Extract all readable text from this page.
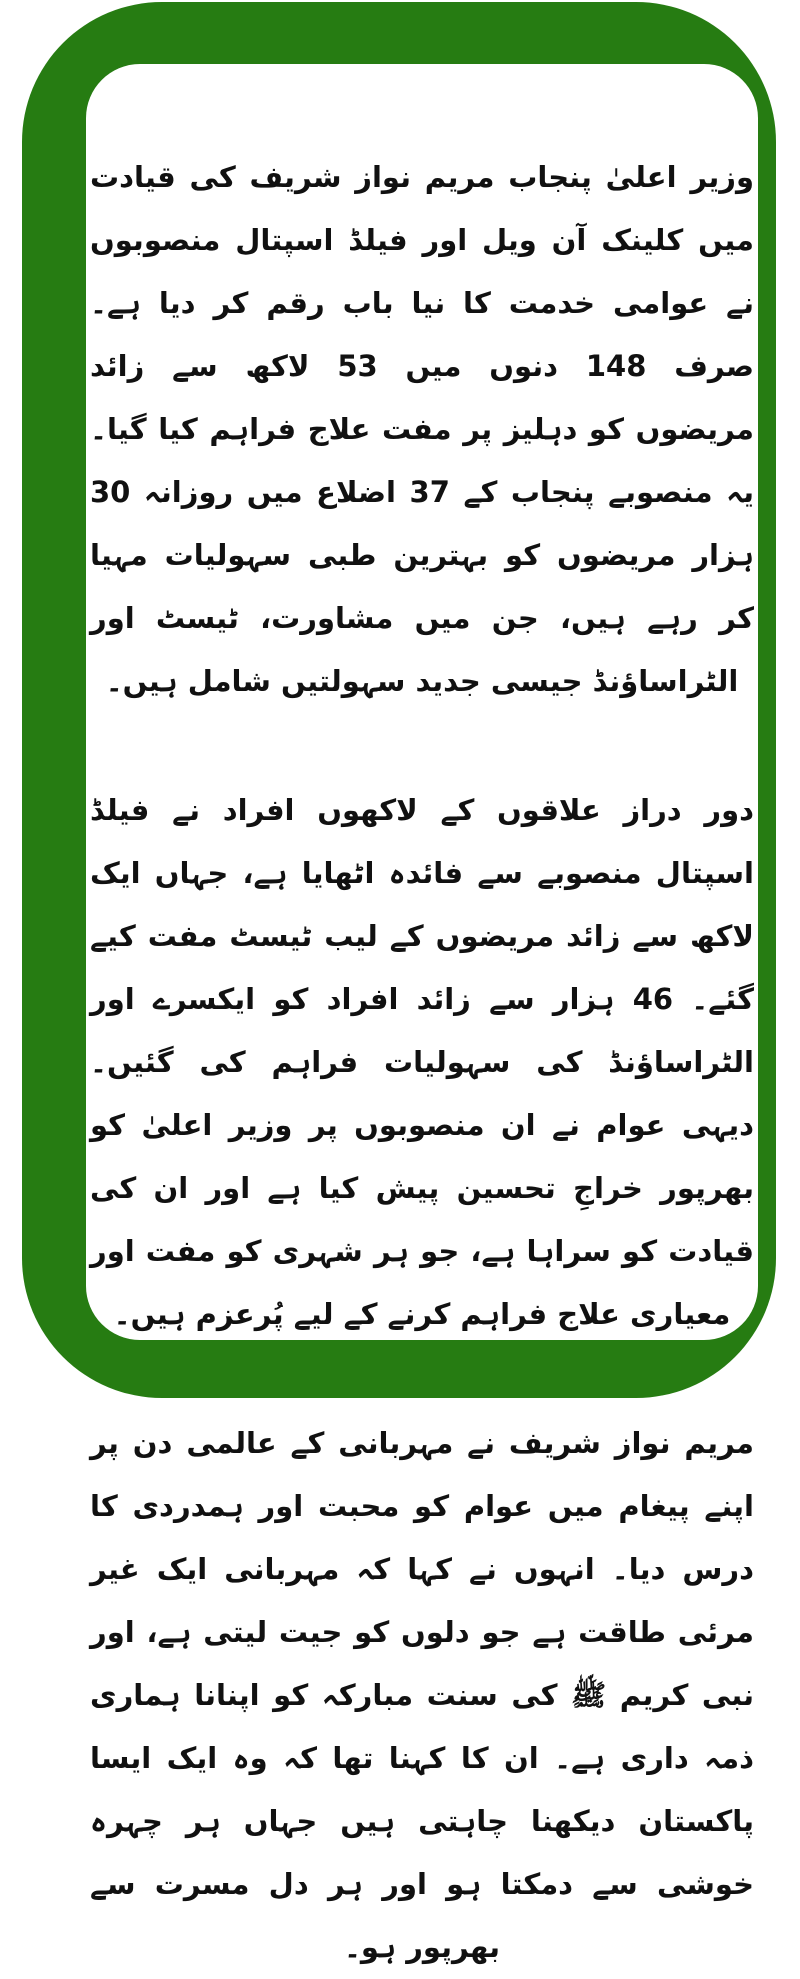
وزیر اعلیٰ پنجاب مریم نواز شریف کی قیادت میں کلینک آن ویل اور فیلڈ اسپتال منصوبوں نے عوامی خدمت کا نیا باب رقم کر دیا ہے۔ صرف 148 دنوں میں 53 لاکھ سے زائد مریضوں کو دہلیز پر مفت علاج فراہم کیا گیا۔ یہ منصوبے پنجاب کے 37 اضلاع میں روزانہ 30 ہزار مریضوں کو بہترین طبی سہولیات مہیا کر رہے ہیں، جن میں مشاورت، ٹیسٹ اور الٹراساؤنڈ جیسی جدید سہولتیں شامل ہیں۔

دور دراز علاقوں کے لاکھوں افراد نے فیلڈ اسپتال منصوبے سے فائدہ اٹھایا ہے، جہاں ایک لاکھ سے زائد مریضوں کے لیب ٹیسٹ مفت کیے گئے۔ 46 ہزار سے زائد افراد کو ایکسرے اور الٹراساؤنڈ کی سہولیات فراہم کی گئیں۔ دیہی عوام نے ان منصوبوں پر وزیر اعلیٰ کو بھرپور خراجِ تحسین پیش کیا ہے اور ان کی قیادت کو سراہا ہے، جو ہر شہری کو مفت اور معیاری علاج فراہم کرنے کے لیے پُرعزم ہیں۔

مریم نواز شریف نے مہربانی کے عالمی دن پر اپنے پیغام میں عوام کو محبت اور ہمدردی کا درس دیا۔ انہوں نے کہا کہ مہربانی ایک غیر مرئی طاقت ہے جو دلوں کو جیت لیتی ہے، اور نبی کریم ﷺ کی سنت مبارکہ کو اپنانا ہماری ذمہ داری ہے۔ ان کا کہنا تھا کہ وہ ایک ایسا پاکستان دیکھنا چاہتی ہیں جہاں ہر چہرہ خوشی سے دمکتا ہو اور ہر دل مسرت سے بھرپور ہو۔
